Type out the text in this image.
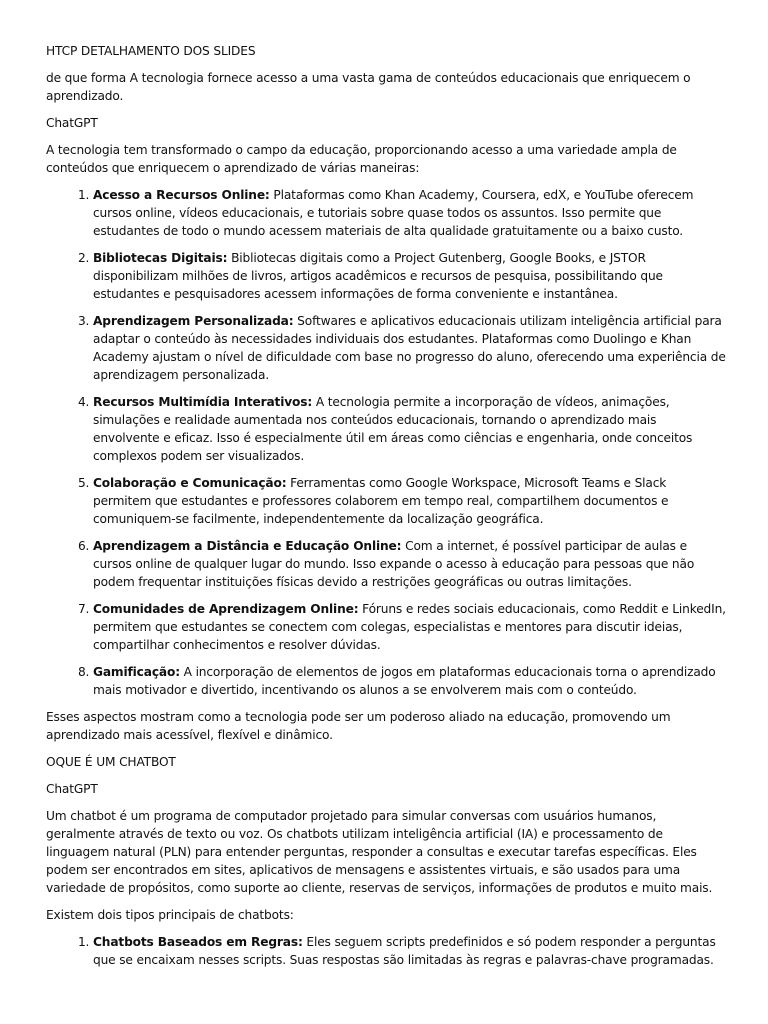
HTCP DETALHAMENTO DOS SLIDES

de que forma A tecnologia fornece acesso a uma vasta gama de conteúdos educacionais que enriquecem o aprendizado.

ChatGPT

A tecnologia tem transformado o campo da educação, proporcionando acesso a uma variedade ampla de conteúdos que enriquecem o aprendizado de várias maneiras:

1. Acesso a Recursos Online: Plataformas como Khan Academy, Coursera, edX, e YouTube oferecem cursos online, vídeos educacionais, e tutoriais sobre quase todos os assuntos. Isso permite que estudantes de todo o mundo acessem materiais de alta qualidade gratuitamente ou a baixo custo.
2. Bibliotecas Digitais: Bibliotecas digitais como a Project Gutenberg, Google Books, e JSTOR disponibilizam milhões de livros, artigos acadêmicos e recursos de pesquisa, possibilitando que estudantes e pesquisadores acessem informações de forma conveniente e instantânea.
3. Aprendizagem Personalizada: Softwares e aplicativos educacionais utilizam inteligência artificial para adaptar o conteúdo às necessidades individuais dos estudantes. Plataformas como Duolingo e Khan Academy ajustam o nível de dificuldade com base no progresso do aluno, oferecendo uma experiência de aprendizagem personalizada.
4. Recursos Multimídia Interativos: A tecnologia permite a incorporação de vídeos, animações, simulações e realidade aumentada nos conteúdos educacionais, tornando o aprendizado mais envolvente e eficaz. Isso é especialmente útil em áreas como ciências e engenharia, onde conceitos complexos podem ser visualizados.
5. Colaboração e Comunicação: Ferramentas como Google Workspace, Microsoft Teams e Slack permitem que estudantes e professores colaborem em tempo real, compartilhem documentos e comuniquem-se facilmente, independentemente da localização geográfica.
6. Aprendizagem a Distância e Educação Online: Com a internet, é possível participar de aulas e cursos online de qualquer lugar do mundo. Isso expande o acesso à educação para pessoas que não podem frequentar instituições físicas devido a restrições geográficas ou outras limitações.
7. Comunidades de Aprendizagem Online: Fóruns e redes sociais educacionais, como Reddit e LinkedIn, permitem que estudantes se conectem com colegas, especialistas e mentores para discutir ideias, compartilhar conhecimentos e resolver dúvidas.
8. Gamificação: A incorporação de elementos de jogos em plataformas educacionais torna o aprendizado mais motivador e divertido, incentivando os alunos a se envolverem mais com o conteúdo.

Esses aspectos mostram como a tecnologia pode ser um poderoso aliado na educação, promovendo um aprendizado mais acessível, flexível e dinâmico.

OQUE É UM CHATBOT

ChatGPT

Um chatbot é um programa de computador projetado para simular conversas com usuários humanos, geralmente através de texto ou voz. Os chatbots utilizam inteligência artificial (IA) e processamento de linguagem natural (PLN) para entender perguntas, responder a consultas e executar tarefas específicas. Eles podem ser encontrados em sites, aplicativos de mensagens e assistentes virtuais, e são usados para uma variedade de propósitos, como suporte ao cliente, reservas de serviços, informações de produtos e muito mais.

Existem dois tipos principais de chatbots:

1. Chatbots Baseados em Regras: Eles seguem scripts predefinidos e só podem responder a perguntas que se encaixam nesses scripts. Suas respostas são limitadas às regras e palavras-chave programadas.
